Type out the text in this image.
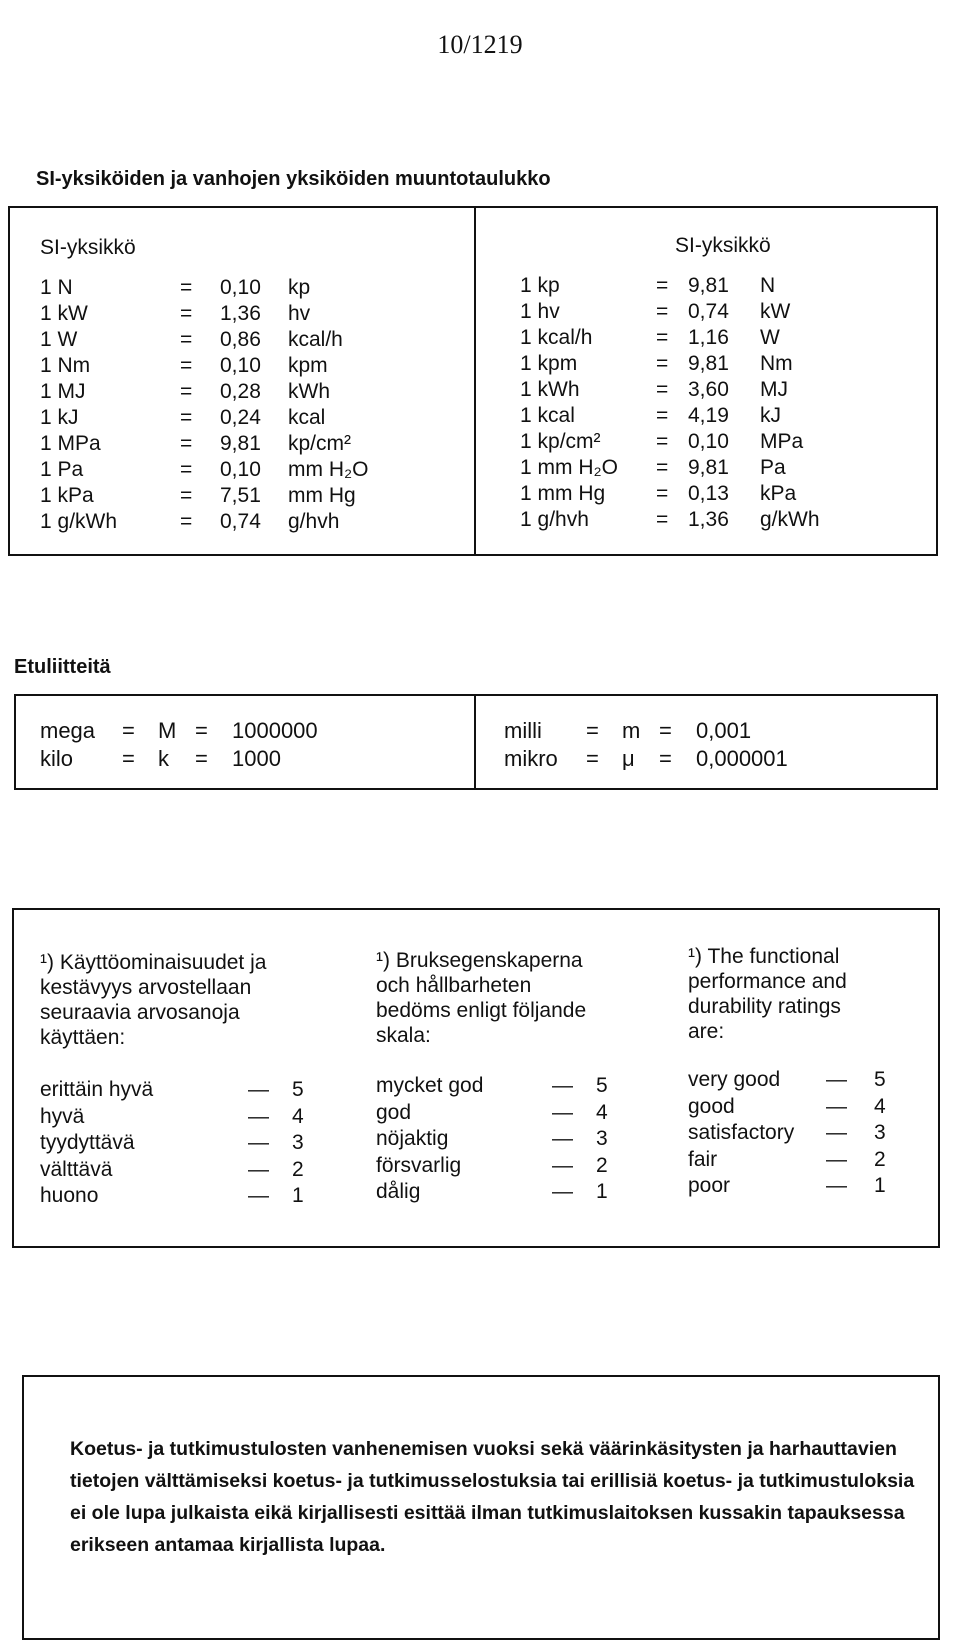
10/1219
SI-yksiköiden ja vanhojen yksiköiden muuntotaulukko
SI-yksikkö	SI-yksikkö
1 N	= 0,10 kp
1 kW	= 1,36 hv
1 W	= 0,86 kcal/h
1 Nm	= 0,10 kpm
1 MJ	= 0,28 kWh
1 kJ	= 0,24 kcal
1 MPa	= 9,81 kp/cm²
1 Pa	= 0,10 mm H₂O
1 kPa	= 7,51 mm Hg
1 g/kWh	= 0,74 g/hvh
1 kp	= 9,81 N
1 hv	= 0,74 kW
1 kcal/h	= 1,16 W
1 kpm	= 9,81 Nm
1 kWh	= 3,60 MJ
1 kcal	= 4,19 kJ
1 kp/cm²	= 0,10 MPa
1 mm H₂O = 9,81 Pa
1 mm Hg = 0,13 kPa
1 g/hvh	= 1,36 g/kWh
Etuliitteitä
mega = M = 1000000
kilo = k = 1000
milli = m = 0,001
mikro = μ = 0,000001
¹) Käyttöominaisuudet ja
kestävyys arvostellaan
seuraavia arvosanoja
käyttäen:
erittäin hyvä	— 5
hyvä	— 4
tyydyttävä	— 3
välttävä	— 2
huono	— 1
¹) Bruksegenskaperna
och hållbarheten
bedöms enligt följande
skala:
mycket god	— 5
god	— 4
nöjaktig	— 3
försvarlig	— 2
dålig	— 1
¹) The functional
performance and
durability ratings
are:
very good — 5
good	— 4
satisfactory — 3
fair	— 2
poor	— 1
Koetus- ja tutkimustulosten vanhenemisen vuoksi sekä väärinkäsitysten ja harhauttavien tietojen välttämiseksi koetus- ja tutkimusselostuksia tai erillisiä koetus- ja tutkimustuloksia ei ole lupa julkaista eikä kirjallisesti esittää ilman tutkimuslaitoksen kussakin tapauksessa erikseen antamaa kirjallista lupaa.
